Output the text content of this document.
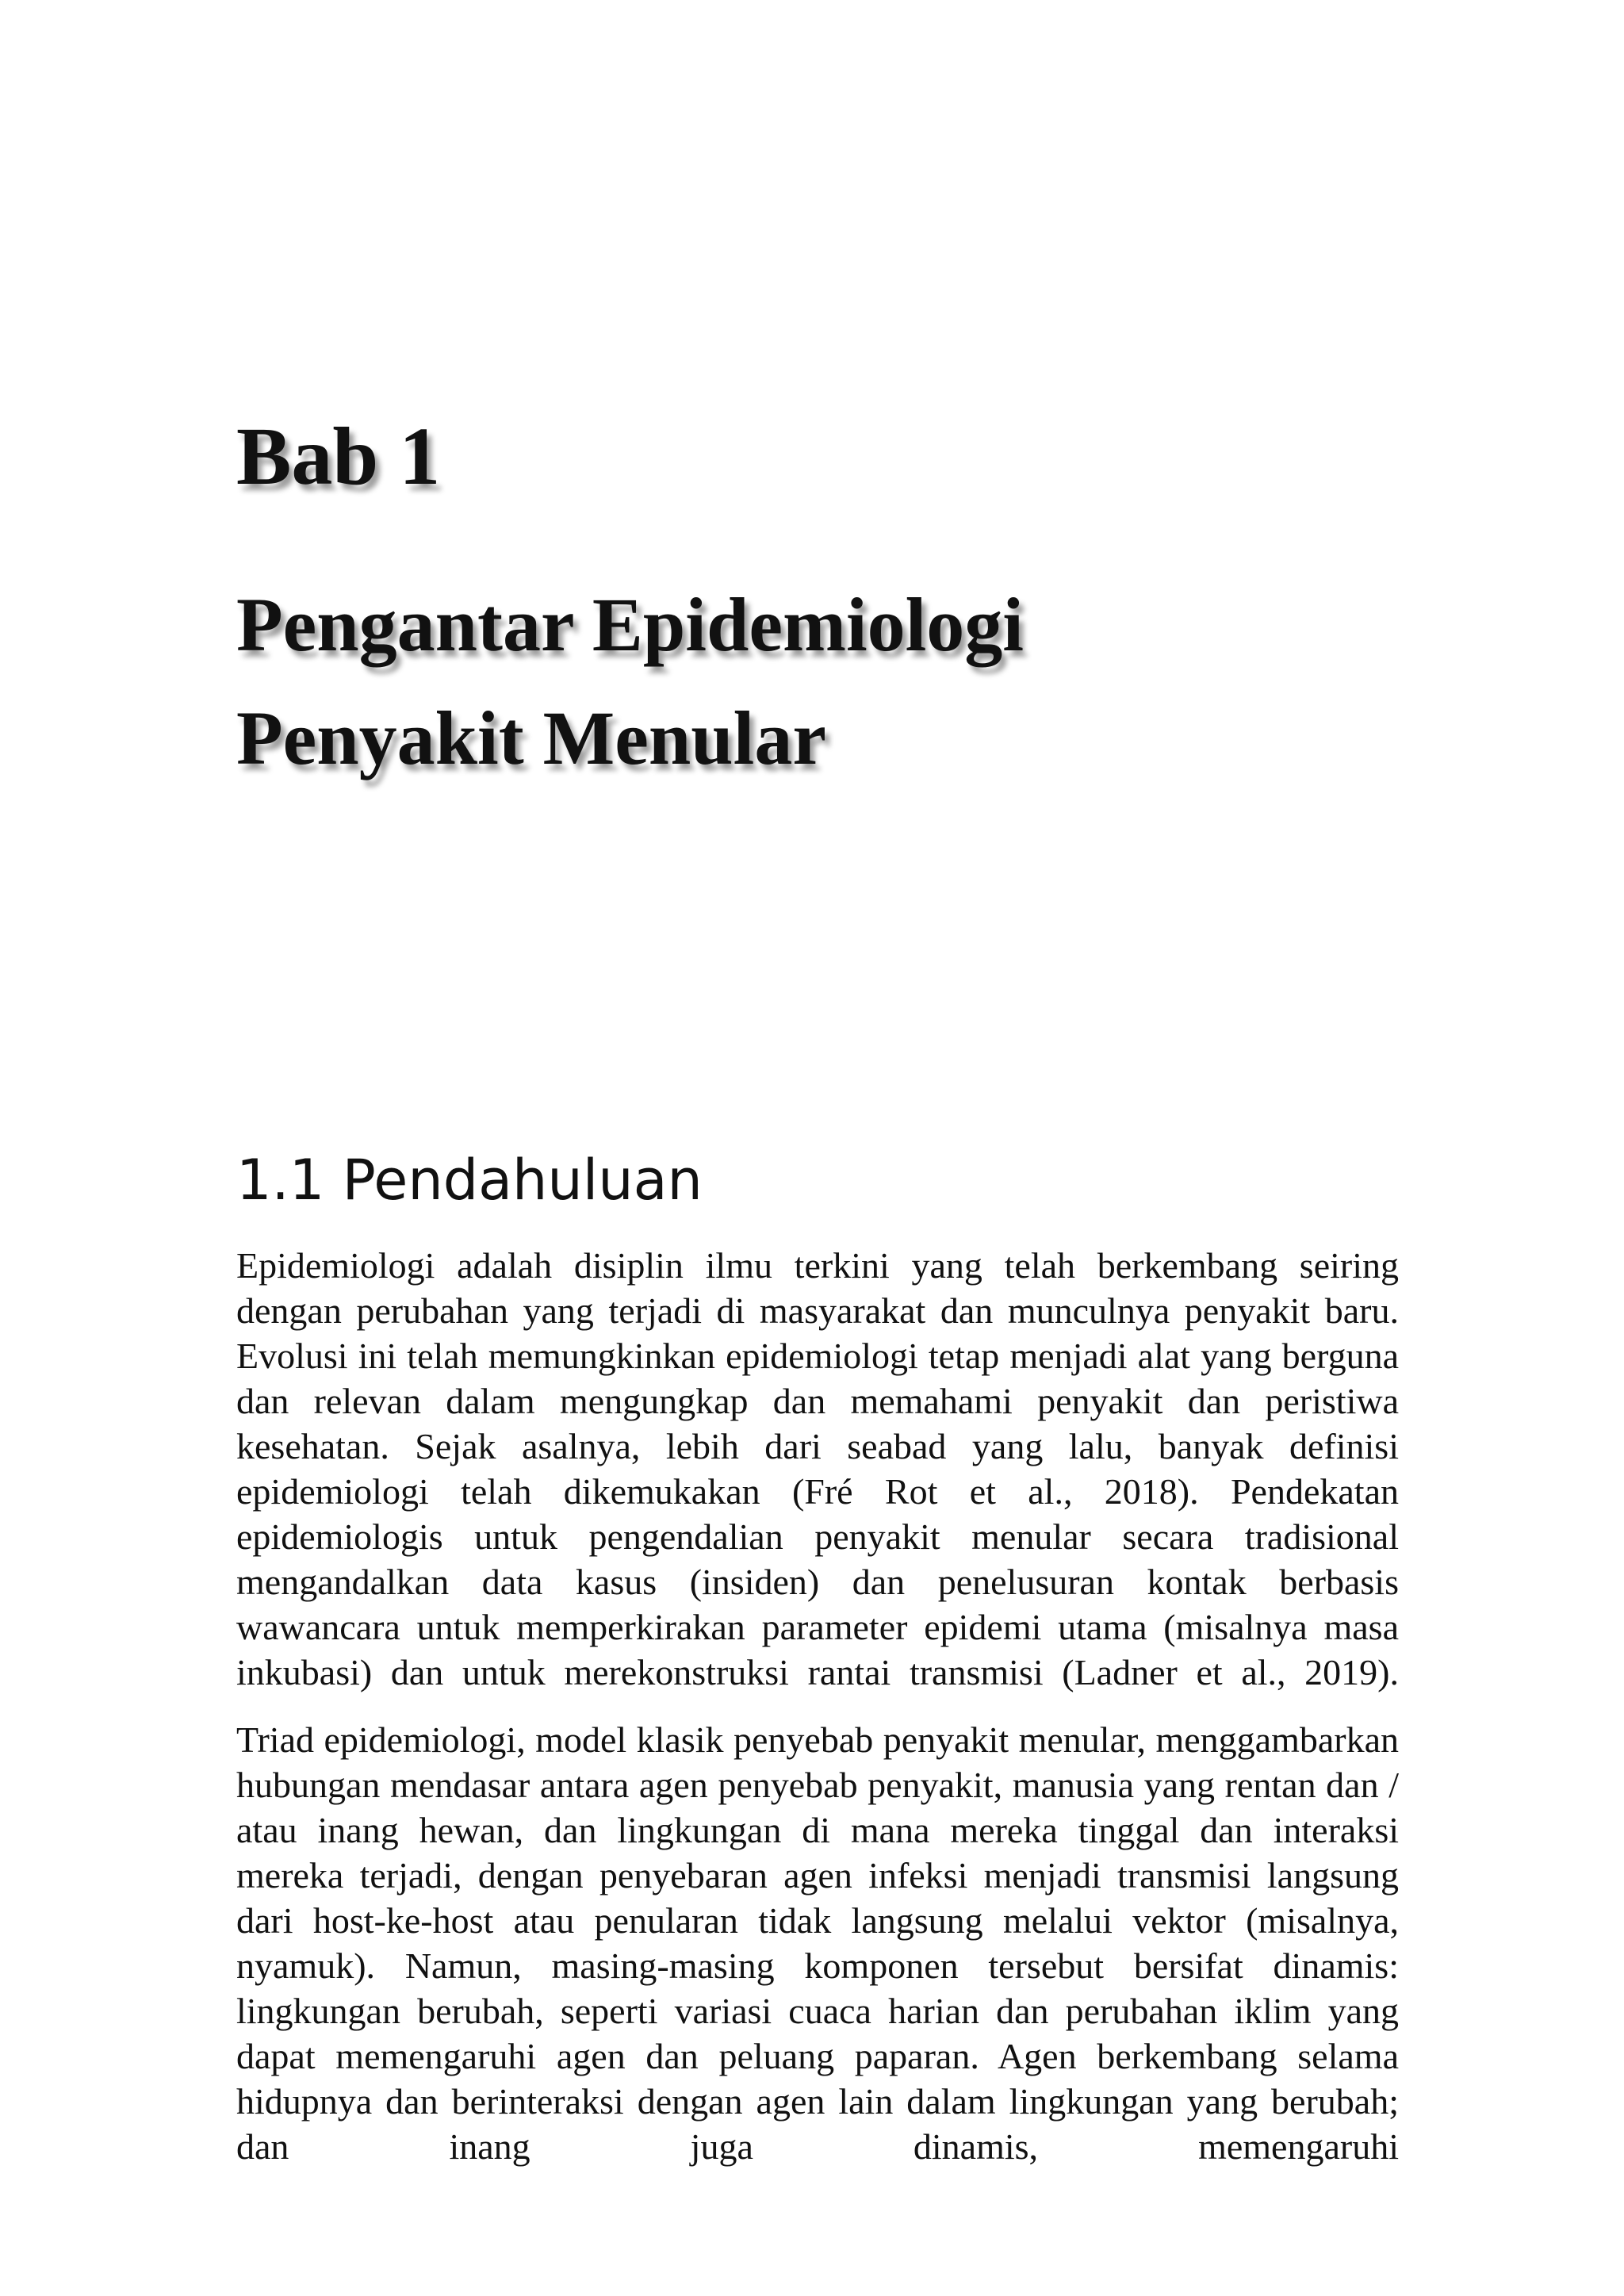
Bab 1
Pengantar Epidemiologi
Penyakit Menular
1.1 Pendahuluan

Epidemiologi adalah disiplin ilmu terkini yang telah berkembang seiring dengan perubahan yang terjadi di masyarakat dan munculnya penyakit baru. Evolusi ini telah memungkinkan epidemiologi tetap menjadi alat yang berguna dan relevan dalam mengungkap dan memahami penyakit dan peristiwa kesehatan. Sejak asalnya, lebih dari seabad yang lalu, banyak definisi epidemiologi telah dikemukakan (Fré Rot et al., 2018). Pendekatan epidemiologis untuk pengendalian penyakit menular secara tradisional mengandalkan data kasus (insiden) dan penelusuran kontak berbasis wawancara untuk memperkirakan parameter epidemi utama (misalnya masa inkubasi) dan untuk merekonstruksi rantai transmisi (Ladner et al., 2019).

Triad epidemiologi, model klasik penyebab penyakit menular, menggambarkan hubungan mendasar antara agen penyebab penyakit, manusia yang rentan dan / atau inang hewan, dan lingkungan di mana mereka tinggal dan interaksi mereka terjadi, dengan penyebaran agen infeksi menjadi transmisi langsung dari host-ke-host atau penularan tidak langsung melalui vektor (misalnya, nyamuk). Namun, masing-masing komponen tersebut bersifat dinamis: lingkungan berubah, seperti variasi cuaca harian dan perubahan iklim yang dapat memengaruhi agen dan peluang paparan. Agen berkembang selama hidupnya dan berinteraksi dengan agen lain dalam lingkungan yang berubah; dan inang juga dinamis, memengaruhi
